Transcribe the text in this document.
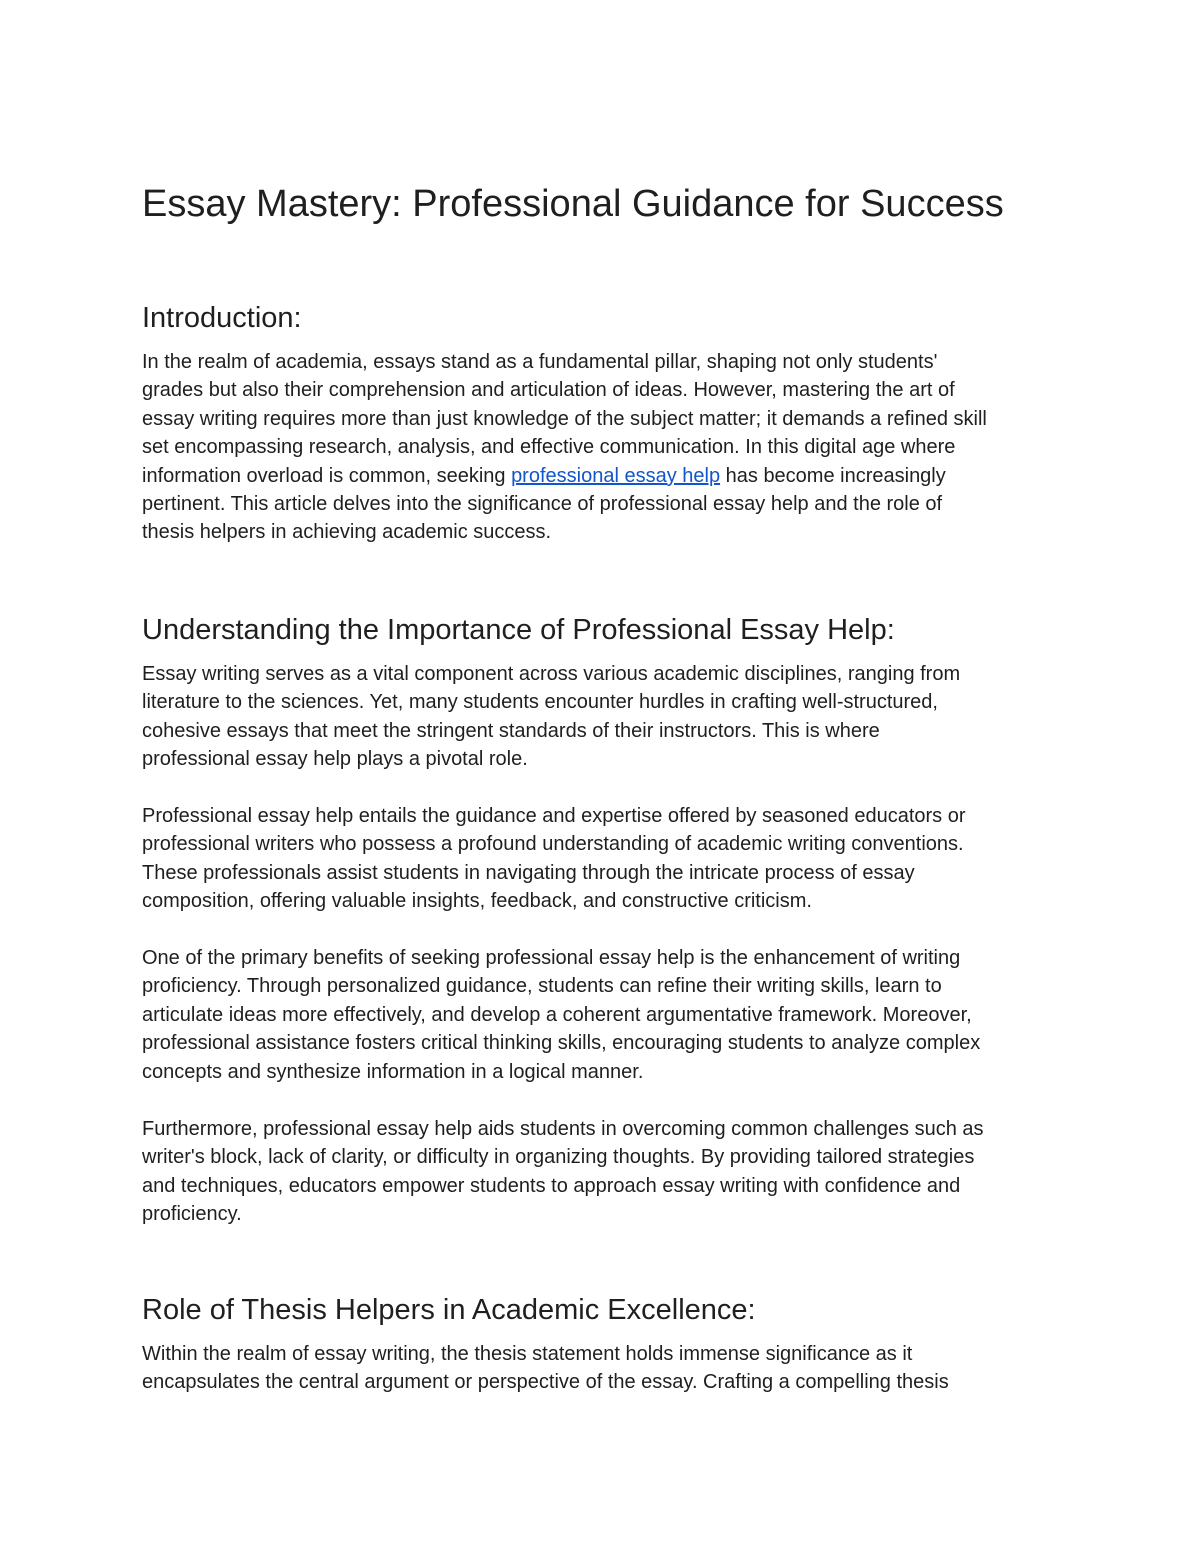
Essay Mastery: Professional Guidance for Success
Introduction:

In the realm of academia, essays stand as a fundamental pillar, shaping not only students'
grades but also their comprehension and articulation of ideas. However, mastering the art of
essay writing requires more than just knowledge of the subject matter; it demands a refined skill
set encompassing research, analysis, and effective communication. In this digital age where
information overload is common, seeking professional essay help has become increasingly
pertinent. This article delves into the significance of professional essay help and the role of
thesis helpers in achieving academic success.

Understanding the Importance of Professional Essay Help:

Essay writing serves as a vital component across various academic disciplines, ranging from
literature to the sciences. Yet, many students encounter hurdles in crafting well-structured,
cohesive essays that meet the stringent standards of their instructors. This is where
professional essay help plays a pivotal role.

Professional essay help entails the guidance and expertise offered by seasoned educators or
professional writers who possess a profound understanding of academic writing conventions.
These professionals assist students in navigating through the intricate process of essay
composition, offering valuable insights, feedback, and constructive criticism.

One of the primary benefits of seeking professional essay help is the enhancement of writing
proficiency. Through personalized guidance, students can refine their writing skills, learn to
articulate ideas more effectively, and develop a coherent argumentative framework. Moreover,
professional assistance fosters critical thinking skills, encouraging students to analyze complex
concepts and synthesize information in a logical manner.

Furthermore, professional essay help aids students in overcoming common challenges such as
writer's block, lack of clarity, or difficulty in organizing thoughts. By providing tailored strategies
and techniques, educators empower students to approach essay writing with confidence and
proficiency.

Role of Thesis Helpers in Academic Excellence:

Within the realm of essay writing, the thesis statement holds immense significance as it
encapsulates the central argument or perspective of the essay. Crafting a compelling thesis
